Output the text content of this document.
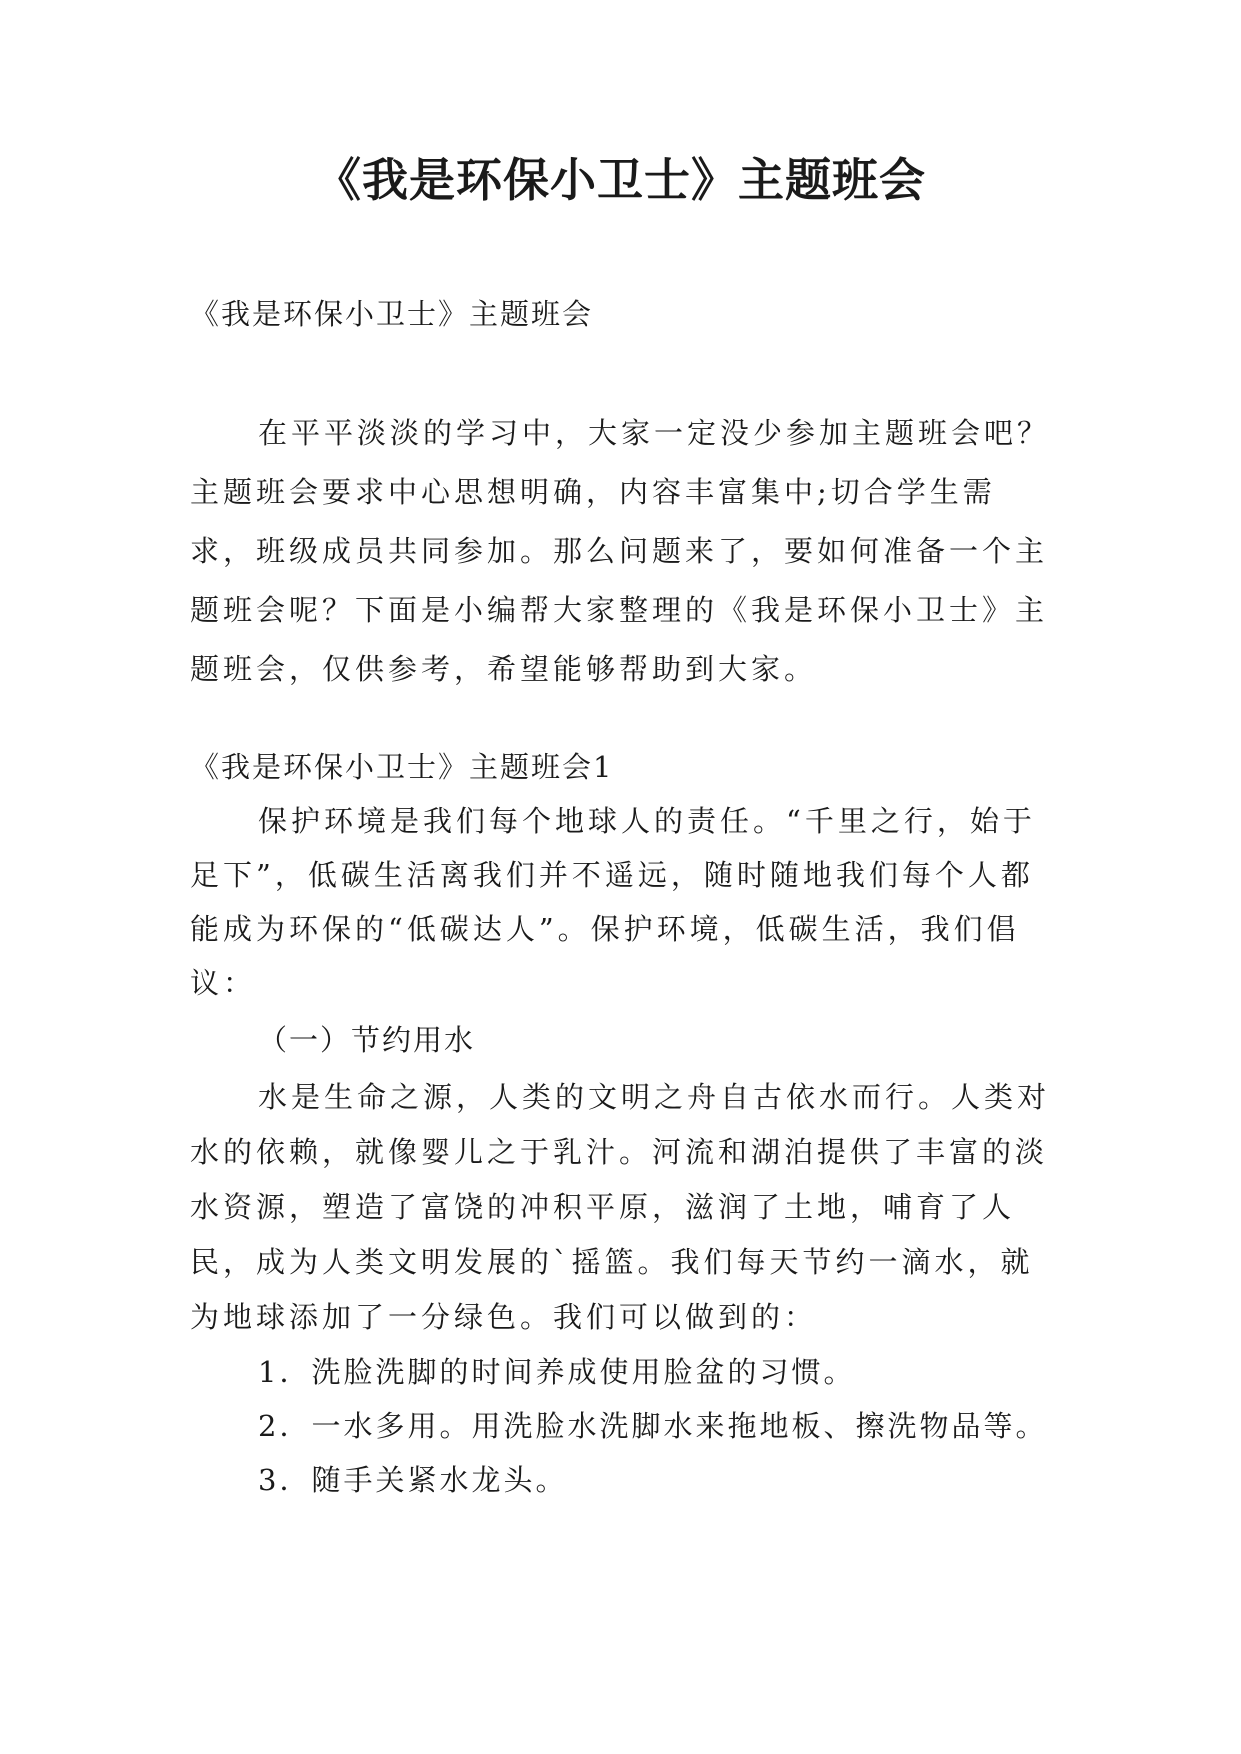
《我是环保小卫士》主题班会
《我是环保小卫士》主题班会

在平平淡淡的学习中，大家一定没少参加主题班会吧？主题班会要求中心思想明确，内容丰富集中;切合学生需求，班级成员共同参加。那么问题来了，要如何准备一个主题班会呢？下面是小编帮大家整理的《我是环保小卫士》主题班会，仅供参考，希望能够帮助到大家。

《我是环保小卫士》主题班会1

保护环境是我们每个地球人的责任。“千里之行，始于足下”，低碳生活离我们并不遥远，随时随地我们每个人都能成为环保的“低碳达人”。保护环境，低碳生活，我们倡议：

（一）节约用水

水是生命之源，人类的文明之舟自古依水而行。人类对水的依赖，就像婴儿之于乳汁。河流和湖泊提供了丰富的淡水资源，塑造了富饶的冲积平原，滋润了土地，哺育了人民，成为人类文明发展的`摇篮。我们每天节约一滴水，就为地球添加了一分绿色。我们可以做到的：

1．洗脸洗脚的时间养成使用脸盆的习惯。

2．一水多用。用洗脸水洗脚水来拖地板、擦洗物品等。

3．随手关紧水龙头。
